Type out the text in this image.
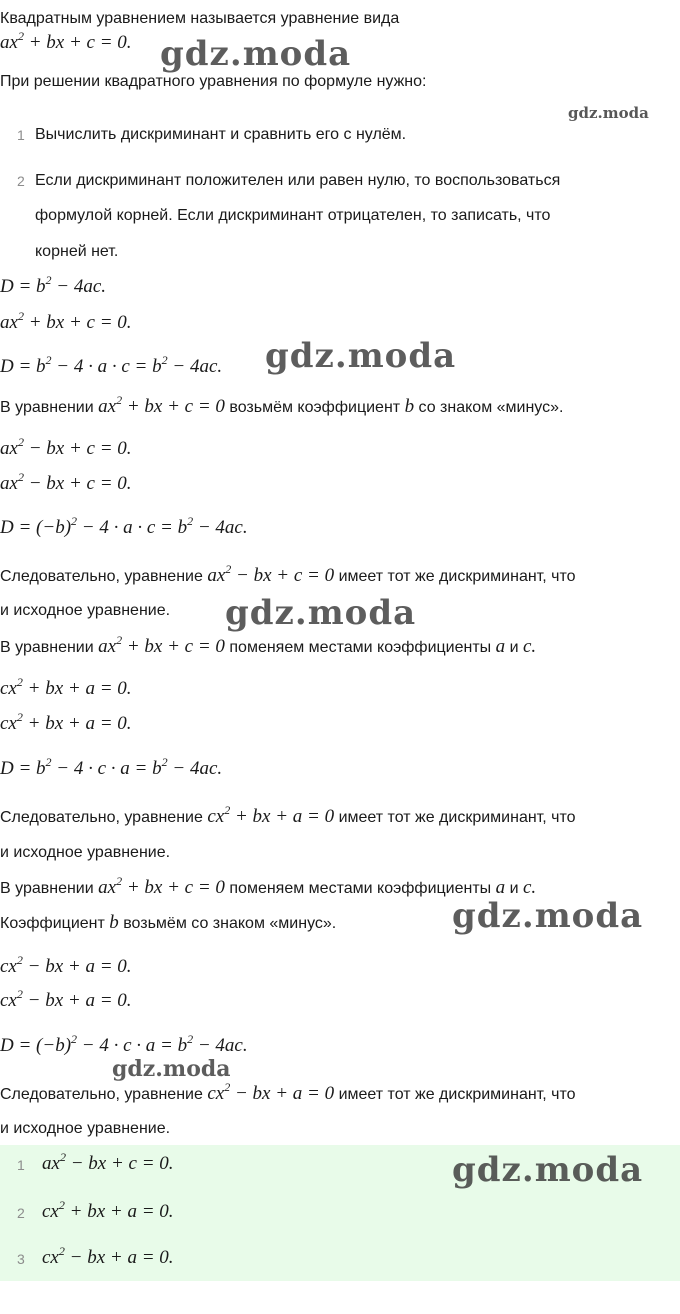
Квадратным уравнением называется уравнение вида
$ax^2$ + bx + c = 0.
При решении квадратного уравнения по формуле нужно:
1 Вычислить дискриминант и сравнить его с нулём.
2 Если дискриминант положителен или равен нулю, то воспользоваться
формулой корней. Если дискриминант отрицателен, то записать, что
корней нет.
$D = b^2 - 4ac$.
$ax^2$ + bx + c = 0.
$D = b^2 - 4 \cdot a \cdot c = b^2 - 4ac$.
В уравнении $ax^2$ + bx + c = 0 возьмём коэффициент b со знаком «минус».
$ax^2$ − bx + c = 0.
$ax^2$ − bx + c = 0.
$D = (-b)^2 - 4 \cdot a \cdot c = b^2 - 4ac$.
Следовательно, уравнение $ax^2$ − bx + c = 0 имеет тот же дискриминант, что
и исходное уравнение.
В уравнении $ax^2$ + bx + c = 0 поменяем местами коэффициенты a и c.
$cx^2$ + bx + a = 0.
$cx^2$ + bx + a = 0.
$D = b^2 - 4 \cdot c \cdot a = b^2 - 4ac$.
Следовательно, уравнение $cx^2$ + bx + a = 0 имеет тот же дискриминант, что
и исходное уравнение.
В уравнении $ax^2$ + bx + c = 0 поменяем местами коэффициенты a и c.
Коэффициент b возьмём со знаком «минус».
$cx^2$ − bx + a = 0.
$cx^2$ − bx + a = 0.
$D = (-b)^2 - 4 \cdot c \cdot a = b^2 - 4ac$.
Следовательно, уравнение $cx^2$ − bx + a = 0 имеет тот же дискриминант, что
и исходное уравнение.
1 $ax^2$ − bx + c = 0.
2 $cx^2$ + bx + a = 0.
3 $cx^2$ − bx + a = 0.
gdz.moda
gdz.moda
gdz.moda
gdz.moda
gdz.moda
gdz.moda
gdz.moda
